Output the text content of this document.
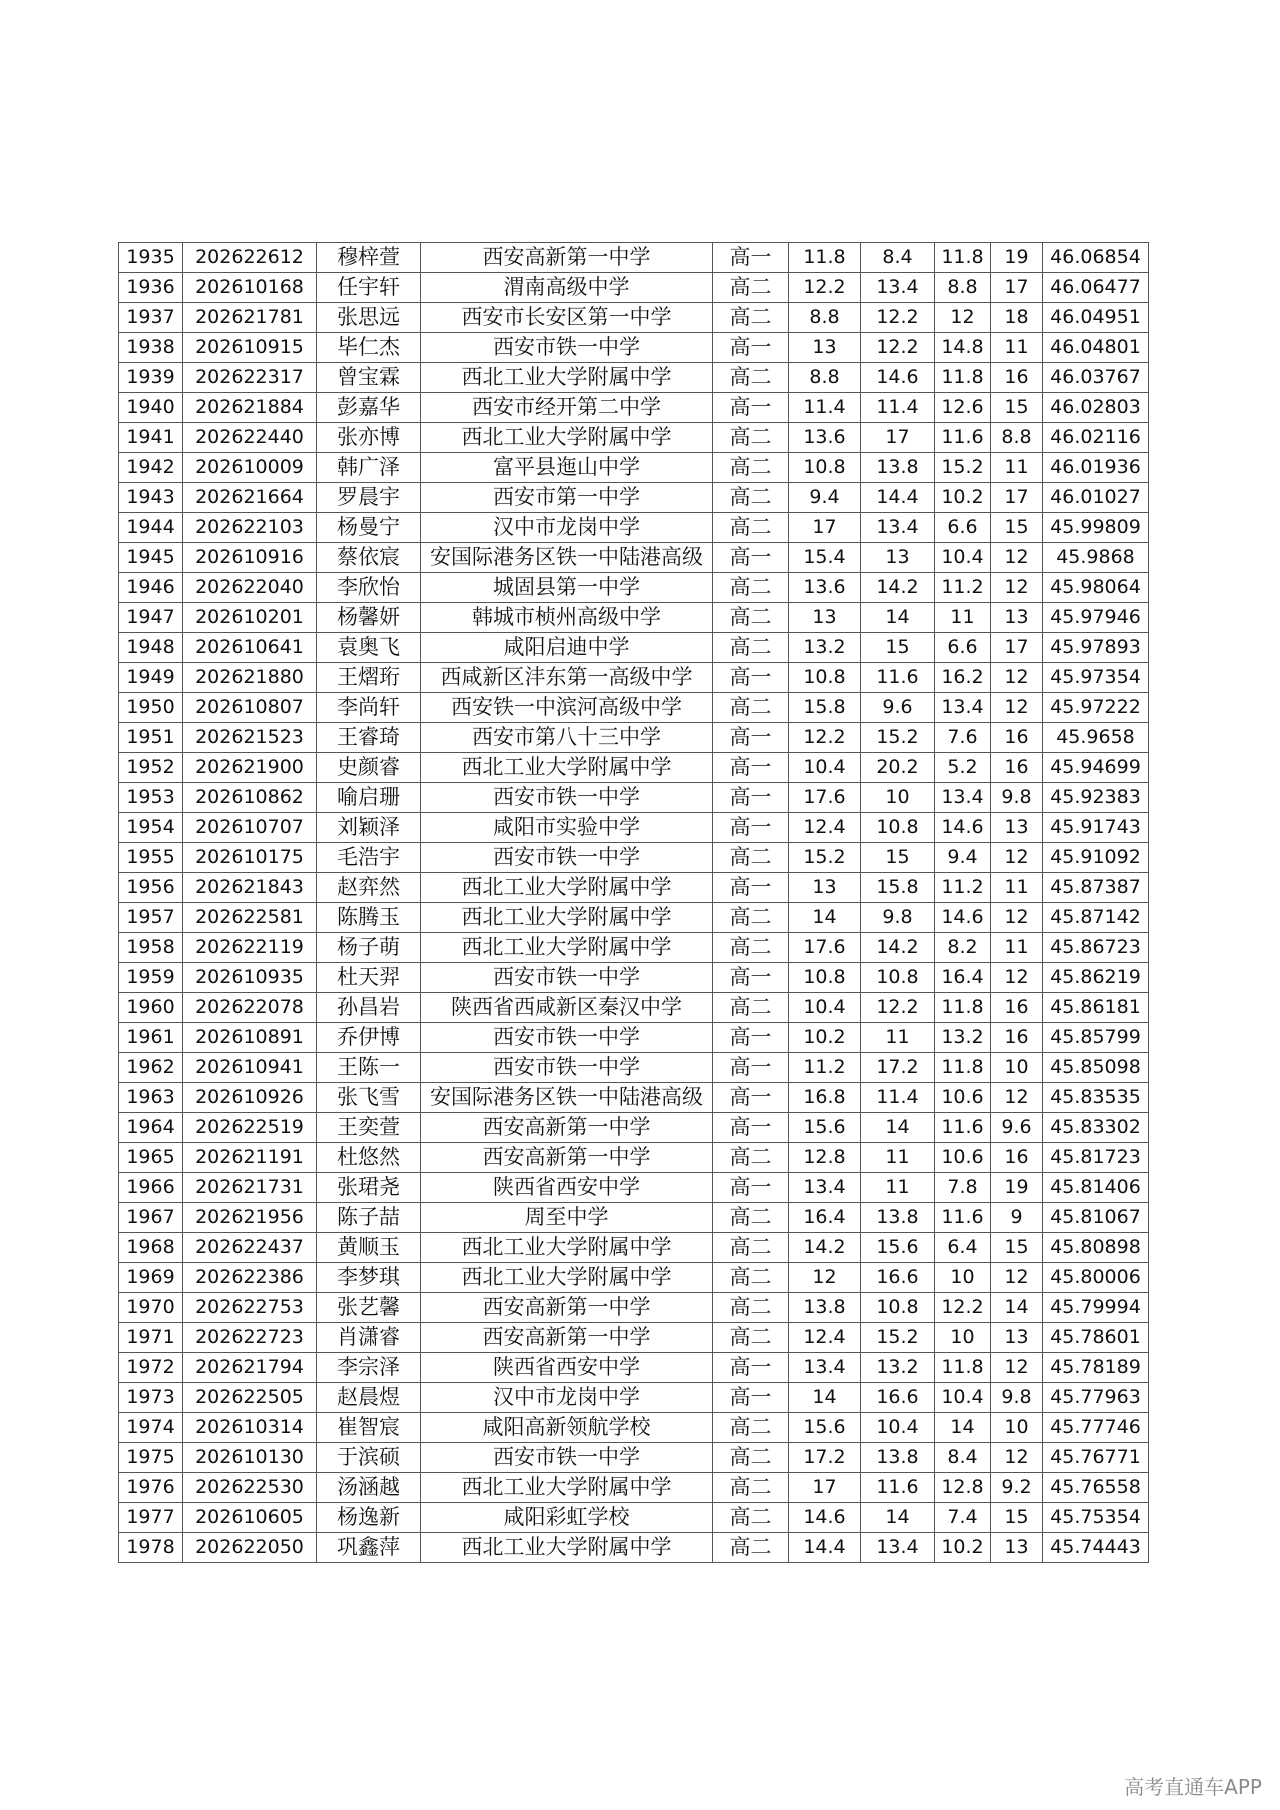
1935	202622612	穆梓萱	西安高新第一中学	高一	11.8	8.4	11.8	19	46.06854
1936	202610168	任宇轩	渭南高级中学	高二	12.2	13.4	8.8	17	46.06477
1937	202621781	张思远	西安市长安区第一中学	高二	8.8	12.2	12	18	46.04951
1938	202610915	毕仁杰	西安市铁一中学	高一	13	12.2	14.8	11	46.04801
1939	202622317	曾宝霖	西北工业大学附属中学	高二	8.8	14.6	11.8	16	46.03767
1940	202621884	彭嘉华	西安市经开第二中学	高一	11.4	11.4	12.6	15	46.02803
1941	202622440	张亦博	西北工业大学附属中学	高二	13.6	17	11.6	8.8	46.02116
1942	202610009	韩广泽	富平县迤山中学	高二	10.8	13.8	15.2	11	46.01936
1943	202621664	罗晨宇	西安市第一中学	高二	9.4	14.4	10.2	17	46.01027
1944	202622103	杨曼宁	汉中市龙岗中学	高二	17	13.4	6.6	15	45.99809
1945	202610916	蔡依宸	安国际港务区铁一中陆港高级	高一	15.4	13	10.4	12	45.9868
1946	202622040	李欣怡	城固县第一中学	高二	13.6	14.2	11.2	12	45.98064
1947	202610201	杨馨妍	韩城市桢州高级中学	高二	13	14	11	13	45.97946
1948	202610641	袁奥飞	咸阳启迪中学	高二	13.2	15	6.6	17	45.97893
1949	202621880	王熠珩	西咸新区沣东第一高级中学	高一	10.8	11.6	16.2	12	45.97354
1950	202610807	李尚轩	西安铁一中滨河高级中学	高二	15.8	9.6	13.4	12	45.97222
1951	202621523	王睿琦	西安市第八十三中学	高一	12.2	15.2	7.6	16	45.9658
1952	202621900	史颜睿	西北工业大学附属中学	高一	10.4	20.2	5.2	16	45.94699
1953	202610862	喻启珊	西安市铁一中学	高一	17.6	10	13.4	9.8	45.92383
1954	202610707	刘颖泽	咸阳市实验中学	高一	12.4	10.8	14.6	13	45.91743
1955	202610175	毛浩宇	西安市铁一中学	高二	15.2	15	9.4	12	45.91092
1956	202621843	赵弈然	西北工业大学附属中学	高一	13	15.8	11.2	11	45.87387
1957	202622581	陈腾玉	西北工业大学附属中学	高二	14	9.8	14.6	12	45.87142
1958	202622119	杨子萌	西北工业大学附属中学	高二	17.6	14.2	8.2	11	45.86723
1959	202610935	杜天羿	西安市铁一中学	高一	10.8	10.8	16.4	12	45.86219
1960	202622078	孙昌岩	陕西省西咸新区秦汉中学	高二	10.4	12.2	11.8	16	45.86181
1961	202610891	乔伊博	西安市铁一中学	高一	10.2	11	13.2	16	45.85799
1962	202610941	王陈一	西安市铁一中学	高一	11.2	17.2	11.8	10	45.85098
1963	202610926	张飞雪	安国际港务区铁一中陆港高级	高一	16.8	11.4	10.6	12	45.83535
1964	202622519	王奕萱	西安高新第一中学	高一	15.6	14	11.6	9.6	45.83302
1965	202621191	杜悠然	西安高新第一中学	高二	12.8	11	10.6	16	45.81723
1966	202621731	张珺尧	陕西省西安中学	高一	13.4	11	7.8	19	45.81406
1967	202621956	陈子喆	周至中学	高二	16.4	13.8	11.6	9	45.81067
1968	202622437	黄顺玉	西北工业大学附属中学	高二	14.2	15.6	6.4	15	45.80898
1969	202622386	李梦琪	西北工业大学附属中学	高二	12	16.6	10	12	45.80006
1970	202622753	张艺馨	西安高新第一中学	高二	13.8	10.8	12.2	14	45.79994
1971	202622723	肖潇睿	西安高新第一中学	高二	12.4	15.2	10	13	45.78601
1972	202621794	李宗泽	陕西省西安中学	高一	13.4	13.2	11.8	12	45.78189
1973	202622505	赵晨煜	汉中市龙岗中学	高一	14	16.6	10.4	9.8	45.77963
1974	202610314	崔智宸	咸阳高新领航学校	高二	15.6	10.4	14	10	45.77746
1975	202610130	于滨硕	西安市铁一中学	高二	17.2	13.8	8.4	12	45.76771
1976	202622530	汤涵越	西北工业大学附属中学	高二	17	11.6	12.8	9.2	45.76558
1977	202610605	杨逸新	咸阳彩虹学校	高二	14.6	14	7.4	15	45.75354
1978	202622050	巩鑫萍	西北工业大学附属中学	高二	14.4	13.4	10.2	13	45.74443
高考直通车APP
